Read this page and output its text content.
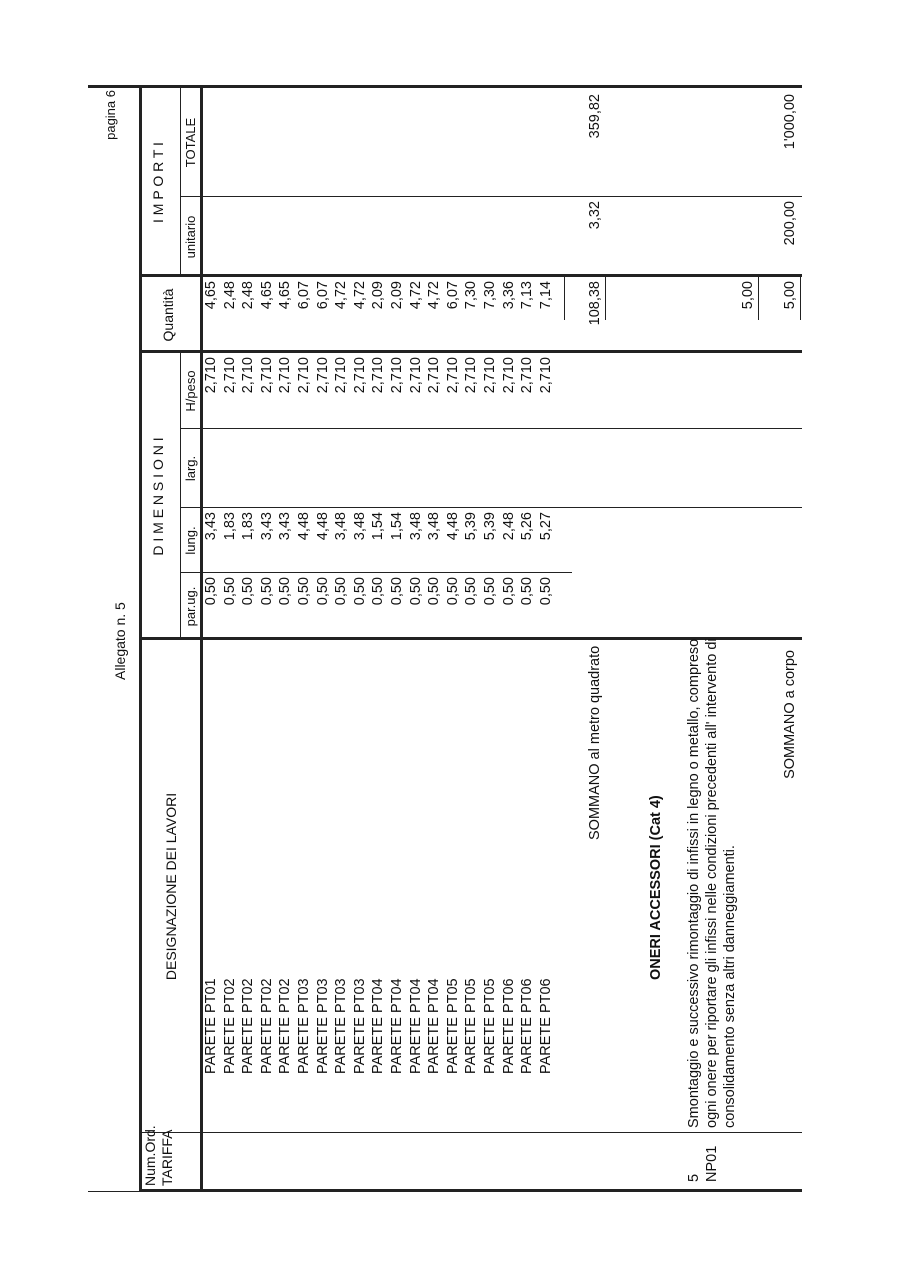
Allegato n. 5
pagina 6
Num.Ord. TARIFFA
DESIGNAZIONE DEI LAVORI
D I M E N S I O N I
par.ug.
lung.
larg.
H/peso
Quantità
I M P O R T I
unitario
TOTALE
PARETE PT01
0,50
3,43
2,710
4,65
PARETE PT02
0,50
1,83
2,710
2,48
PARETE PT02
0,50
1,83
2,710
2,48
PARETE PT02
0,50
3,43
2,710
4,65
PARETE PT02
0,50
3,43
2,710
4,65
PARETE PT03
0,50
4,48
2,710
6,07
PARETE PT03
0,50
4,48
2,710
6,07
PARETE PT03
0,50
3,48
2,710
4,72
PARETE PT03
0,50
3,48
2,710
4,72
PARETE PT04
0,50
1,54
2,710
2,09
PARETE PT04
0,50
1,54
2,710
2,09
PARETE PT04
0,50
3,48
2,710
4,72
PARETE PT04
0,50
3,48
2,710
4,72
PARETE PT05
0,50
4,48
2,710
6,07
PARETE PT05
0,50
5,39
2,710
7,30
PARETE PT05
0,50
5,39
2,710
7,30
PARETE PT06
0,50
2,48
2,710
3,36
PARETE PT06
0,50
5,26
2,710
7,13
PARETE PT06
0,50
5,27
2,710
7,14
SOMMANO al metro quadrato
108,38
3,32
359,82
ONERI ACCESSORI (Cat 4)
5 NP01
Smontaggio e successivo rimontaggio di infissi in legno o metallo, compreso ogni onere per riportare gli infissi nelle condizioni precedenti all' intervento di consolidamento senza altri danneggiamenti.
5,00
SOMMANO a corpo
5,00
200,00
1'000,00
